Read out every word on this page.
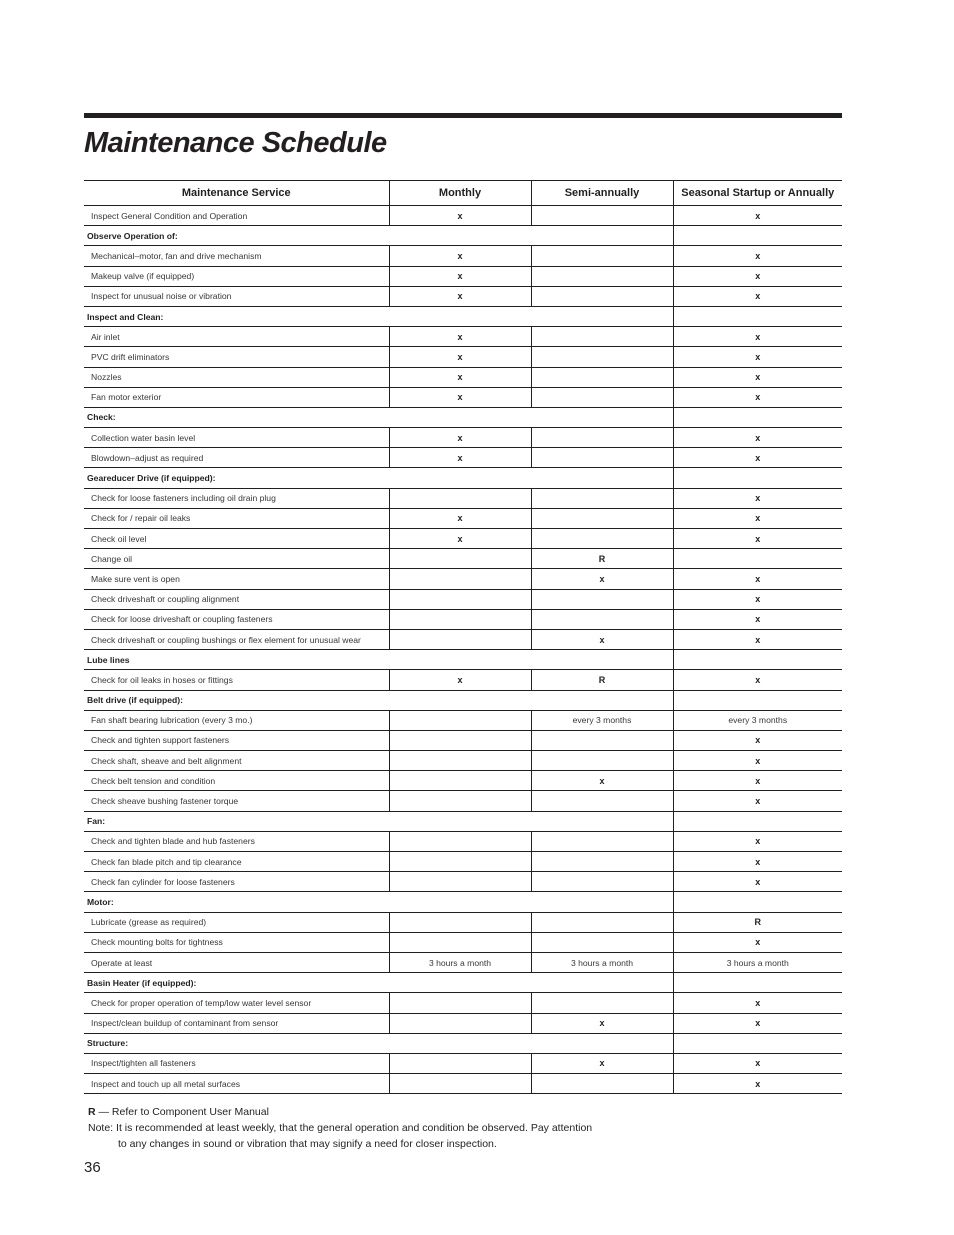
Maintenance Schedule
Maintenance Service	Monthly	Semi-annually	Seasonal Startup or Annually
Inspect General Condition and Operation	x		x
Observe Operation of:			
Mechanical–motor, fan and drive mechanism	x		x
Makeup valve (if equipped)	x		x
Inspect for unusual noise or vibration	x		x
Inspect and Clean:			
Air inlet	x		x
PVC drift eliminators	x		x
Nozzles	x		x
Fan motor exterior	x		x
Check:			
Collection water basin level	x		x
Blowdown–adjust as required	x		x
Geareducer Drive (if equipped):			
Check for loose fasteners including oil drain plug			x
Check for / repair oil leaks	x		x
Check oil level	x		x
Change oil		R	
Make sure vent is open		x	x
Check driveshaft or coupling alignment			x
Check for loose driveshaft or coupling fasteners			x
Check driveshaft or coupling bushings or flex element for unusual wear		x	x
Lube lines			
Check for oil leaks in hoses or fittings	x	R	x
Belt drive (if equipped):			
Fan shaft bearing lubrication (every 3 mo.)		every 3 months	every 3 months
Check and tighten support fasteners			x
Check shaft, sheave and belt alignment			x
Check belt tension and condition		x	x
Check sheave bushing fastener torque			x
Fan:			
Check and tighten blade and hub fasteners			x
Check fan blade pitch and tip clearance			x
Check fan cylinder for loose fasteners			x
Motor:			
Lubricate (grease as required)			R
Check mounting bolts for tightness			x
Operate at least	3 hours a month	3 hours a month	3 hours a month
Basin Heater (if equipped):			
Check for proper operation of temp/low water level sensor			x
Inspect/clean buildup of contaminant from sensor		x	x
Structure:			
Inspect/tighten all fasteners		x	x
Inspect and touch up all metal surfaces			x
R — Refer to Component User Manual
Note: It is recommended at least weekly, that the general operation and condition be observed. Pay attention
to any changes in sound or vibration that may signify a need for closer inspection.
36
